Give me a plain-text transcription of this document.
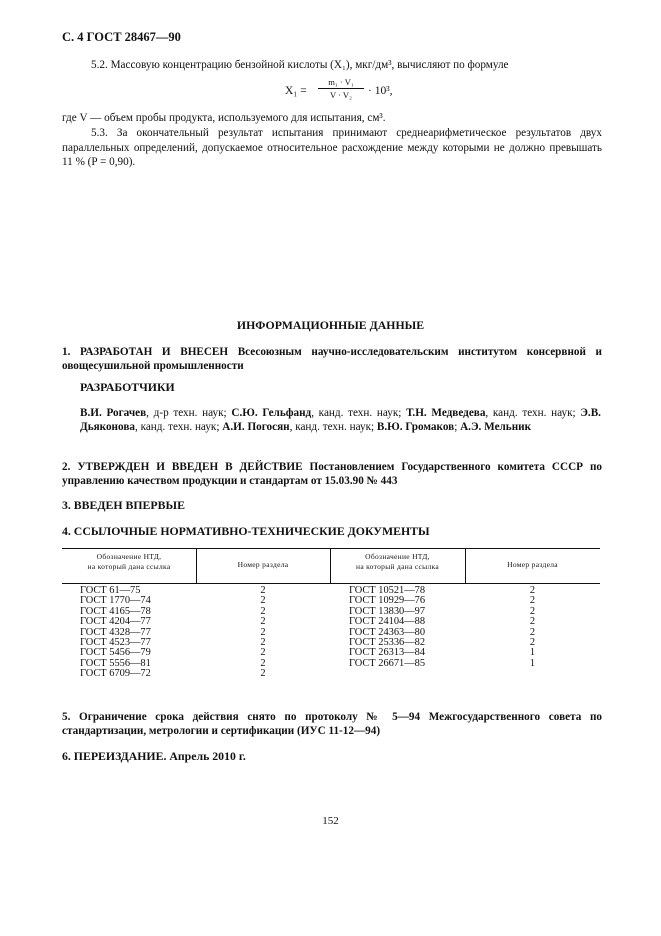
С. 4 ГОСТ 28467—90
5.2. Массовую концентрацию бензойной кислоты (X₁), мкг/дм³, вычисляют по формуле
$X_1 = \frac{\text{m₁ · V₁}}{\text{V · V₂}} \cdot 10^3$,
где V — объем пробы продукта, используемого для испытания, см³.
5.3. За окончательный результат испытания принимают среднеарифметическое результатов двух параллельных определений, допускаемое относительное расхождение между которыми не должно превышать 11 % (P = 0,90).
ИНФОРМАЦИОННЫЕ ДАННЫЕ
1. РАЗРАБОТАН И ВНЕСЕН Всесоюзным научно-исследовательским институтом консервной и овощесушильной промышленности
РАЗРАБОТЧИКИ
В.И. Рогачев, д-р техн. наук; С.Ю. Гельфанд, канд. техн. наук; Т.Н. Медведева, канд. техн. наук; Э.В. Дьяконова, канд. техн. наук; А.И. Погосян, канд. техн. наук; В.Ю. Громаков; А.Э. Мельник
2. УТВЕРЖДЕН И ВВЕДЕН В ДЕЙСТВИЕ Постановлением Государственного комитета СССР по управлению качеством продукции и стандартам от 15.03.90 № 443
3. ВВЕДЕН ВПЕРВЫЕ
4. ССЫЛОЧНЫЕ НОРМАТИВНО-ТЕХНИЧЕСКИЕ ДОКУМЕНТЫ
Обозначение НТД,
на который дана ссылка	Номер раздела
Обозначение НТД,
на который дана ссылка	Номер раздела
ГОСТ 61—75
ГОСТ 1770—74
ГОСТ 4165—78
ГОСТ 4204—77
ГОСТ 4328—77
ГОСТ 4523—77
ГОСТ 5456—79
ГОСТ 5556—81
ГОСТ 6709—72
2
2
2
2
2
2
2
2
2
ГОСТ 10521—78
ГОСТ 10929—76
ГОСТ 13830—97
ГОСТ 24104—88
ГОСТ 24363—80
ГОСТ 25336—82
ГОСТ 26313—84
ГОСТ 26671—85
2
2
2
2
2
2
1
1
5. Ограничение срока действия снято по протоколу № 5—94 Межгосударственного совета по стандартизации, метрологии и сертификации (ИУС 11-12—94)
6. ПЕРЕИЗДАНИЕ. Апрель 2010 г.
152
